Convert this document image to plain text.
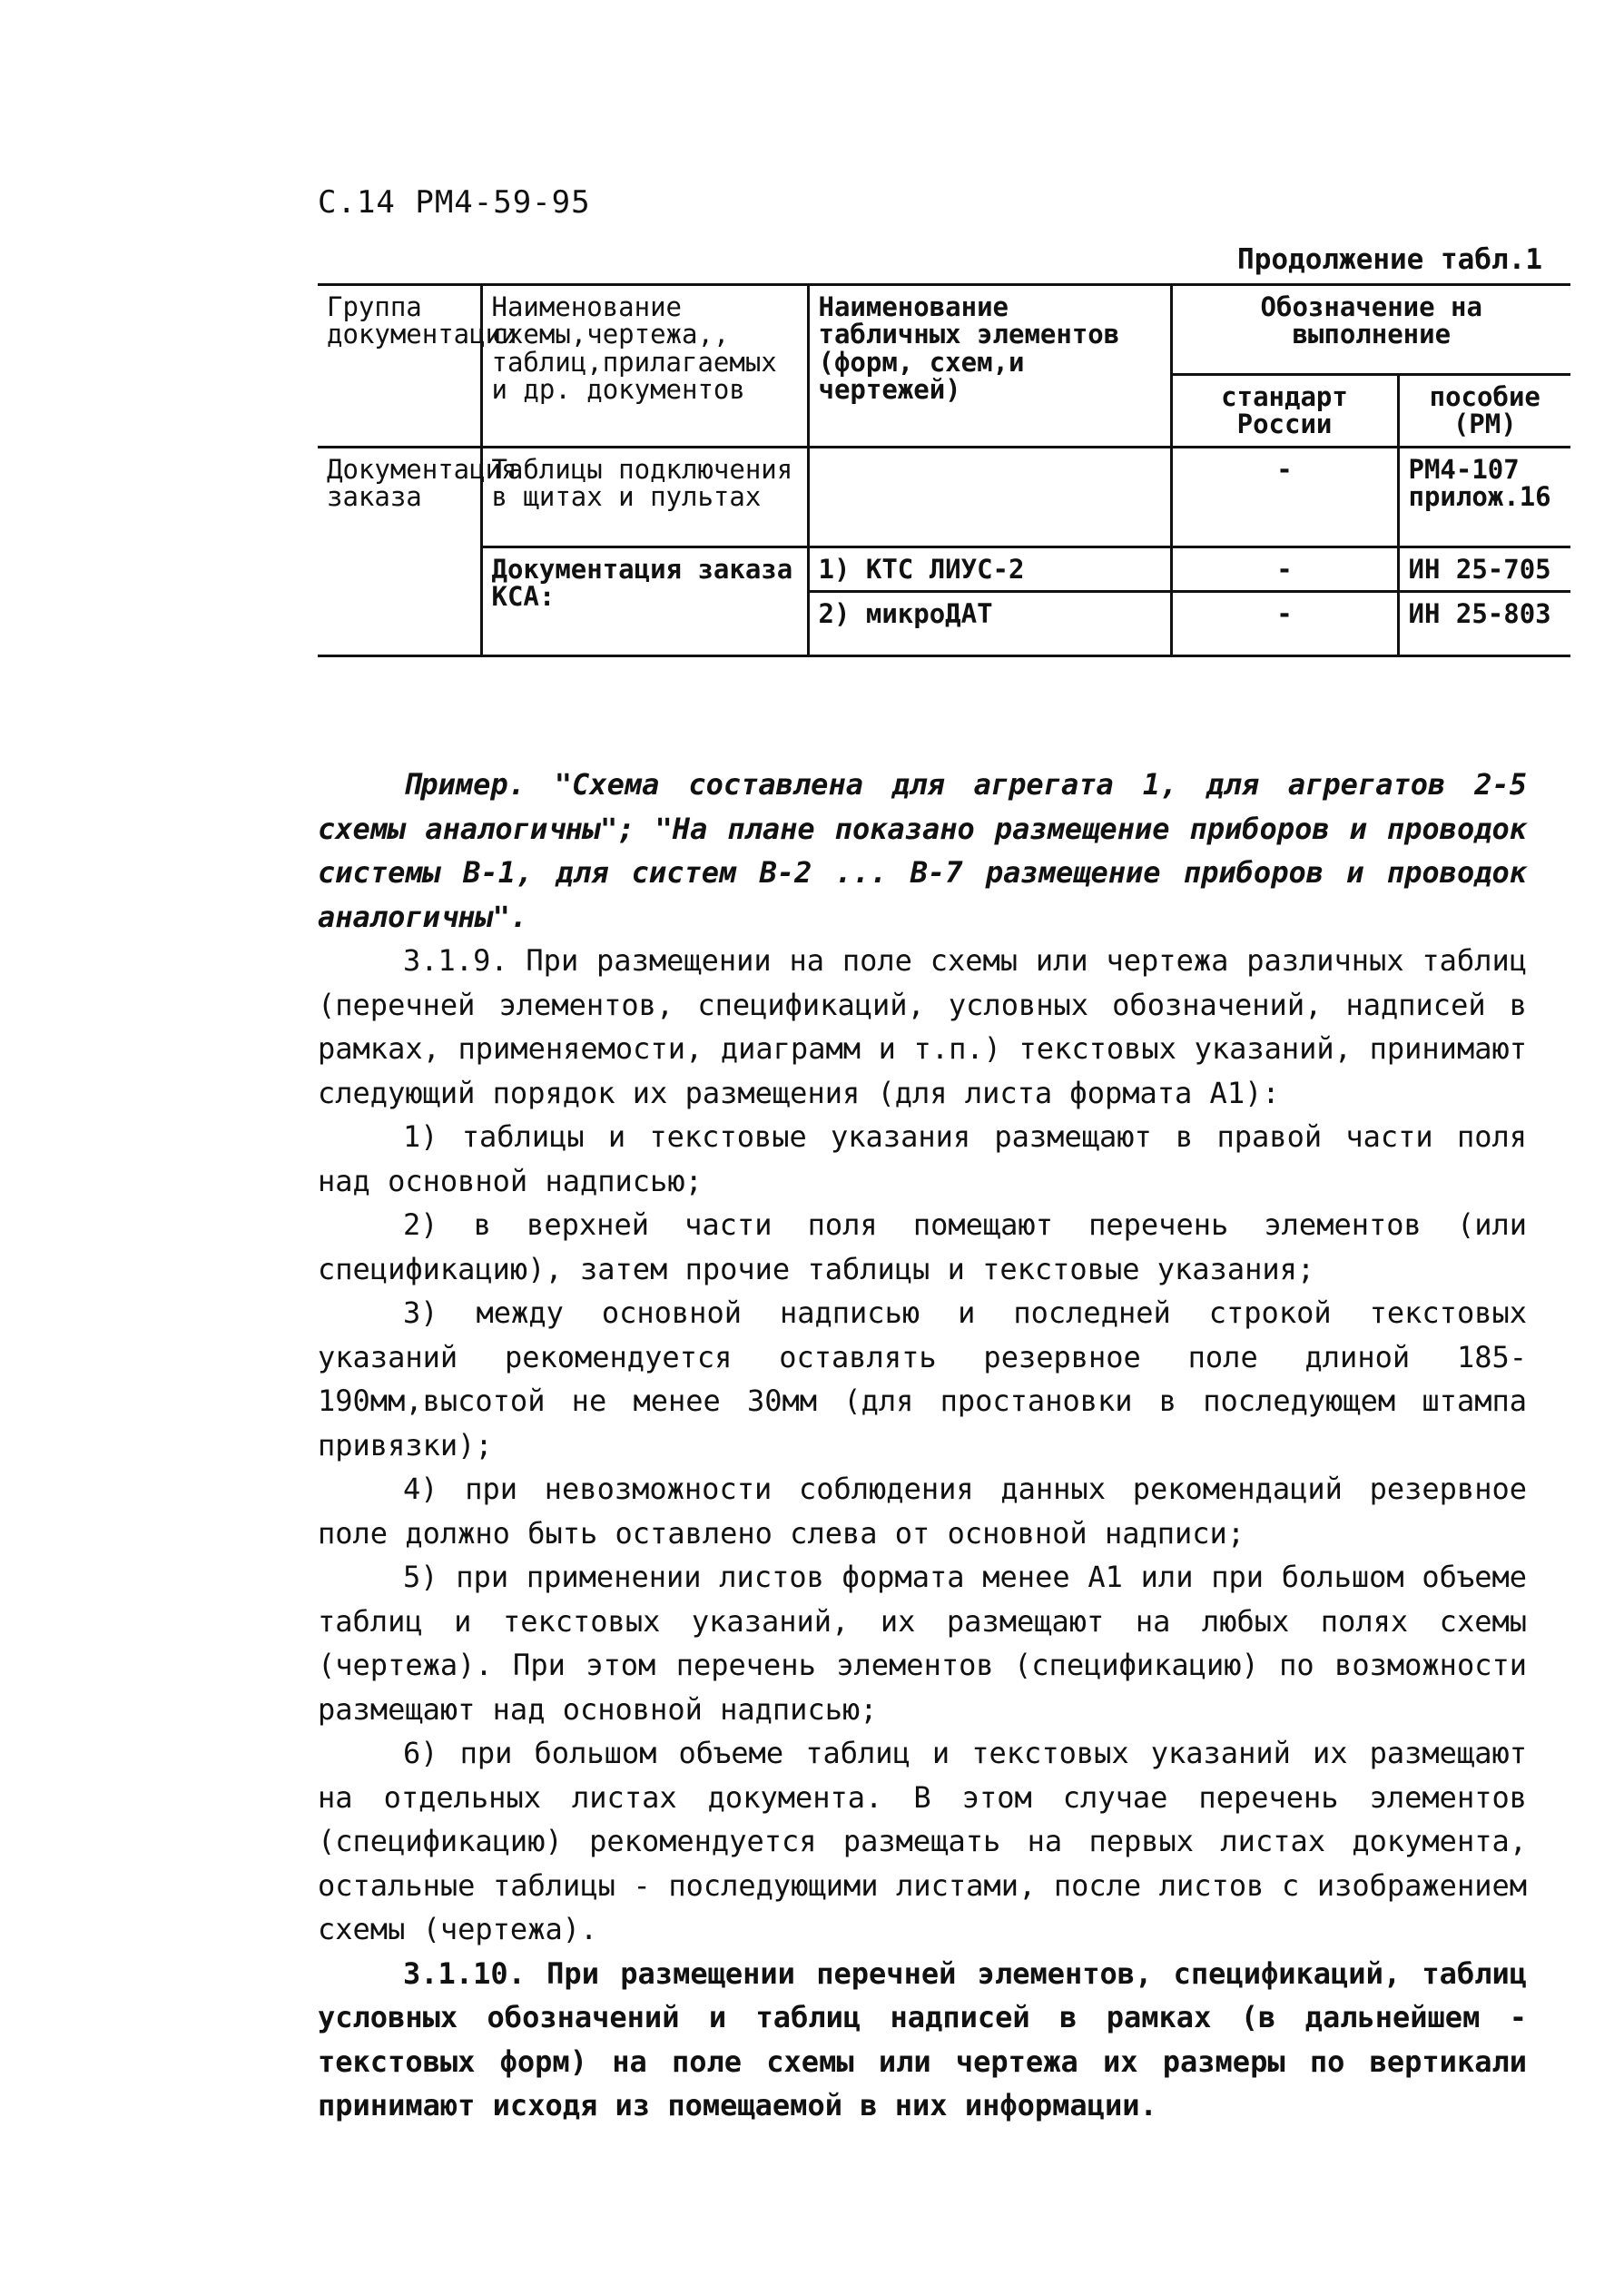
С.14 РМ4-59-95
Продолжение табл.1
Группа документации	Наименование схемы,чертежа,, таблиц,прилагаемых и др. документов	Наименование табличных элементов (форм, схем,и чертежей)	Обозначение на выполнение	
			стандарт России	пособие (РМ)
Документация заказа	Таблицы подключения в щитах и пультах		-	РМ4-107 прилож.16
	Документация заказа КСА:	1) КТС ЛИУС-2	-	ИН 25-705
		2) микроДАТ	-	ИН 25-803

Пример. "Схема составлена для агрегата 1, для агрегатов 2-5 схемы аналогичны"; "На плане показано размещение приборов и проводок системы В-1, для систем В-2 ... В-7 размещение приборов и проводок аналогичны".

3.1.9. При размещении на поле схемы или чертежа различных таблиц (перечней элементов, спецификаций, условных обозначений, надписей в рамках, применяемости, диаграмм и т.п.) текстовых указаний, принимают следующий порядок их размещения (для листа формата А1):

1) таблицы и текстовые указания размещают в правой части поля над основной надписью;

2) в верхней части поля помещают перечень элементов (или спецификацию), затем прочие таблицы и текстовые указания;

3) между основной надписью и последней строкой текстовых указаний рекомендуется оставлять резервное поле длиной 185-190мм,высотой не менее 30мм (для простановки в последующем штампа привязки);

4) при невозможности соблюдения данных рекомендаций резервное поле должно быть оставлено слева от основной надписи;

5) при применении листов формата менее А1 или при большом объеме таблиц и текстовых указаний, их размещают на любых полях схемы (чертежа). При этом перечень элементов (спецификацию) по возможности размещают над основной надписью;

6) при большом объеме таблиц и текстовых указаний их размещают на отдельных листах документа. В этом случае перечень элементов (спецификацию) рекомендуется размещать на первых листах документа, остальные таблицы - последующими листами, после листов с изображением схемы (чертежа).

3.1.10. При размещении перечней элементов, спецификаций, таблиц условных обозначений и таблиц надписей в рамках (в дальнейшем - текстовых форм) на поле схемы или чертежа их размеры по вертикали принимают исходя из помещаемой в них информации.
